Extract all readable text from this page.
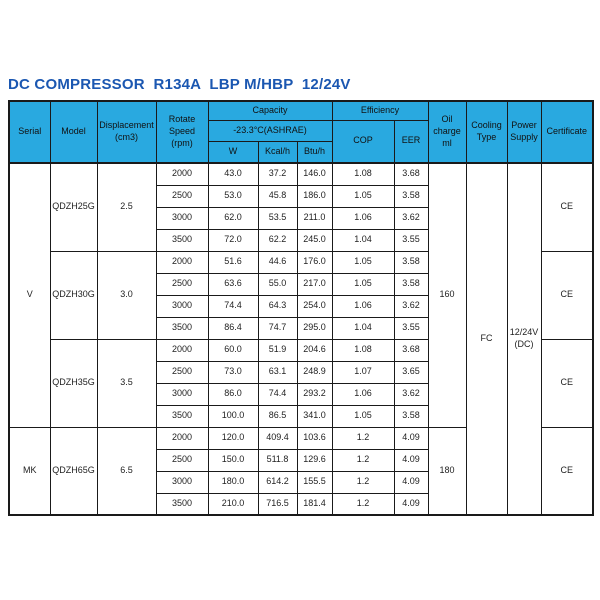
DC COMPRESSOR  R134A  LBP M/HBP  12/24V
Serial	Model	Displacement (cm3)	Rotate Speed (rpm)	Capacity			Efficiency		Oil charge ml	Cooling Type	Power Supply	Certificate
				-23.3°C(ASHRAE)			COP	EER				
				W	Kcal/h	Btu/h						
V	QDZH25G	2.5	2000	43.0	37.2	146.0	1.08	3.68	160	FC	12/24V (DC)	CE
			2500	53.0	45.8	186.0	1.05	3.58				
			3000	62.0	53.5	211.0	1.06	3.62				
			3500	72.0	62.2	245.0	1.04	3.55				
	QDZH30G	3.0	2000	51.6	44.6	176.0	1.05	3.58				CE
			2500	63.6	55.0	217.0	1.05	3.58				
			3000	74.4	64.3	254.0	1.06	3.62				
			3500	86.4	74.7	295.0	1.04	3.55				
	QDZH35G	3.5	2000	60.0	51.9	204.6	1.08	3.68				CE
			2500	73.0	63.1	248.9	1.07	3.65				
			3000	86.0	74.4	293.2	1.06	3.62				
			3500	100.0	86.5	341.0	1.05	3.58				
MK	QDZH65G	6.5	2000	120.0	409.4	103.6	1.2	4.09	180			CE
			2500	150.0	511.8	129.6	1.2	4.09				
			3000	180.0	614.2	155.5	1.2	4.09				
			3500	210.0	716.5	181.4	1.2	4.09				
